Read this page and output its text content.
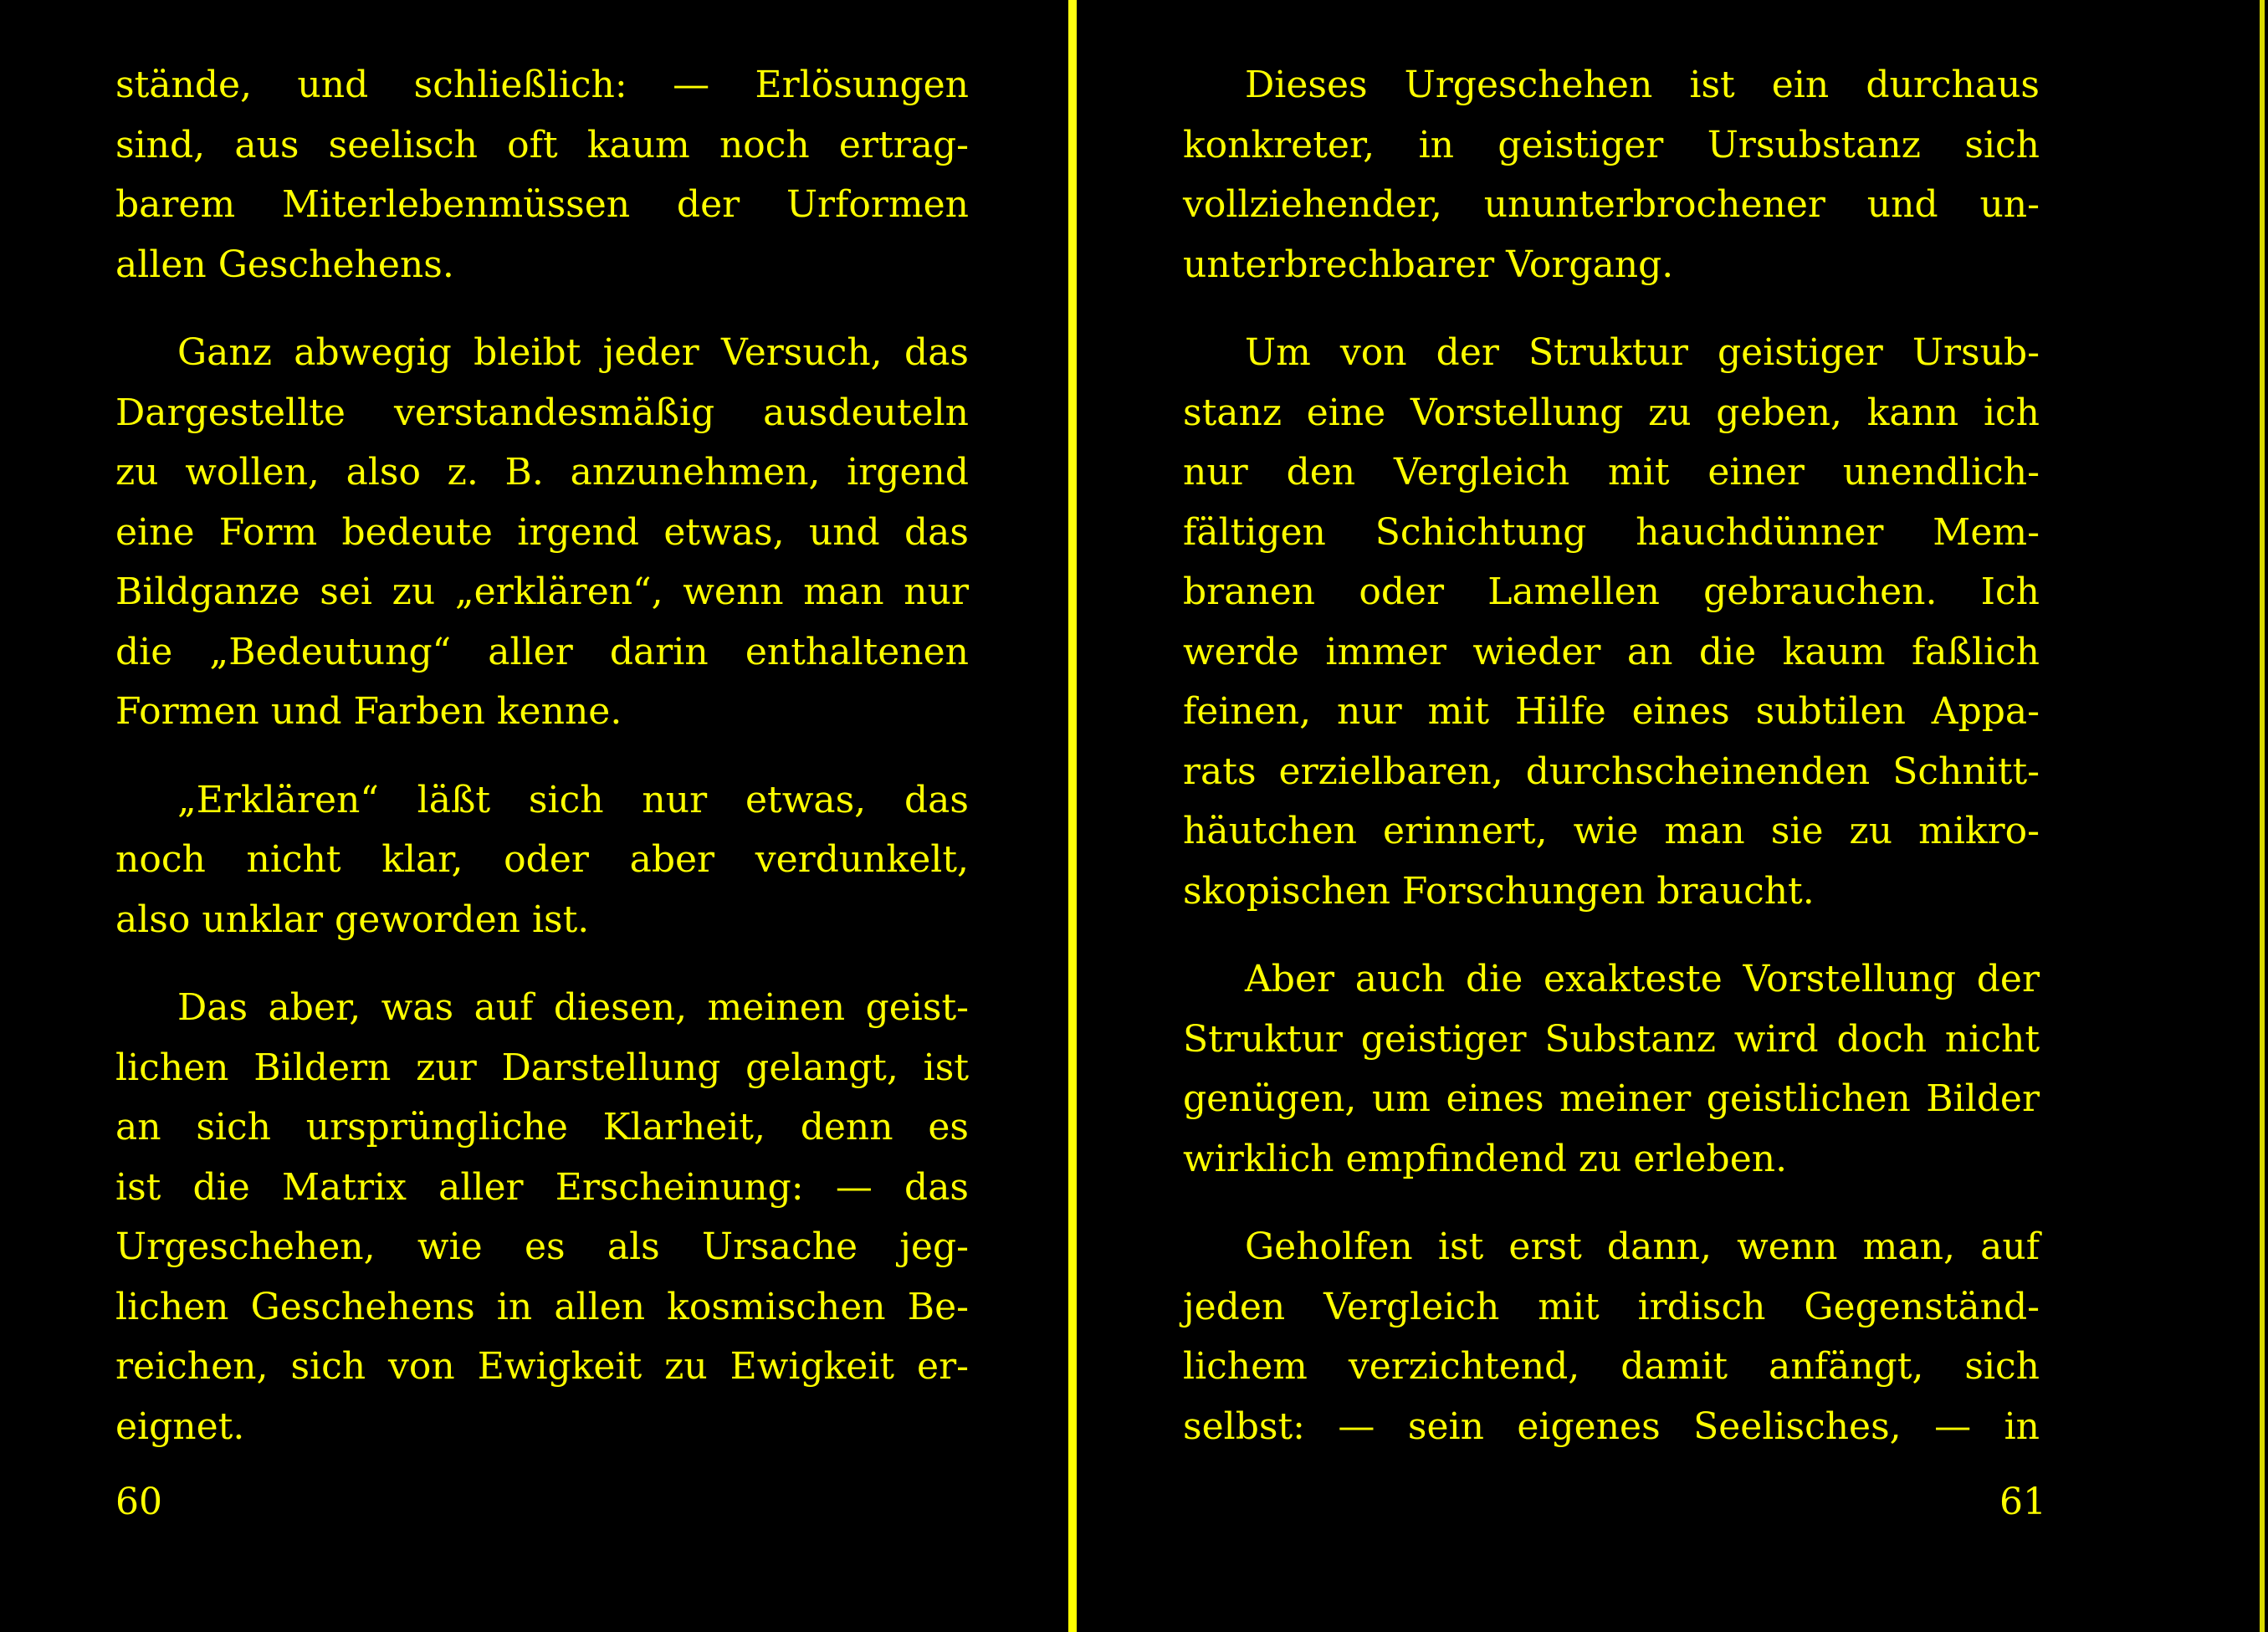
stände, und schließlich: — Erlösungen
sind, aus seelisch oft kaum noch ertrag-
barem Miterlebenmüssen der Urformen
allen Geschehens.
Ganz abwegig bleibt jeder Versuch, das
Dargestellte verstandesmäßig ausdeuteln
zu wollen, also z. B. anzunehmen, irgend
eine Form bedeute irgend etwas, und das
Bildganze sei zu „erklären“, wenn man nur
die „Bedeutung“ aller darin enthaltenen
Formen und Farben kenne.
„Erklären“ läßt sich nur etwas, das
noch nicht klar, oder aber verdunkelt,
also unklar geworden ist.
Das aber, was auf diesen, meinen geist-
lichen Bildern zur Darstellung gelangt, ist
an sich ursprüngliche Klarheit, denn es
ist die Matrix aller Erscheinung: — das
Urgeschehen, wie es als Ursache jeg-
lichen Geschehens in allen kosmischen Be-
reichen, sich von Ewigkeit zu Ewigkeit er-
eignet.
60
Dieses Urgeschehen ist ein durchaus
konkreter, in geistiger Ursubstanz sich
vollziehender, ununterbrochener und un-
unterbrechbarer Vorgang.
Um von der Struktur geistiger Ursub-
stanz eine Vorstellung zu geben, kann ich
nur den Vergleich mit einer unendlich-
fältigen Schichtung hauchdünner Mem-
branen oder Lamellen gebrauchen. Ich
werde immer wieder an die kaum faßlich
feinen, nur mit Hilfe eines subtilen Appa-
rats erzielbaren, durchscheinenden Schnitt-
häutchen erinnert, wie man sie zu mikro-
skopischen Forschungen braucht.
Aber auch die exakteste Vorstellung der
Struktur geistiger Substanz wird doch nicht
genügen, um eines meiner geistlichen Bilder
wirklich empfindend zu erleben.
Geholfen ist erst dann, wenn man, auf
jeden Vergleich mit irdisch Gegenständ-
lichem verzichtend, damit anfängt, sich
selbst: — sein eigenes Seelisches, — in
61
